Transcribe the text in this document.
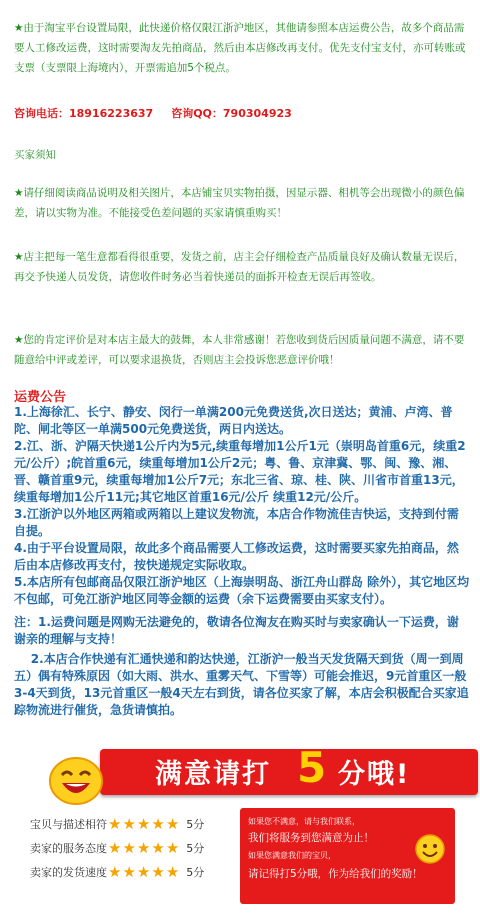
★由于淘宝平台设置局限，此快递价格仅限江浙沪地区，其他请参照本店运费公告，故多个商品需要人工修改运费，这时需要淘友先拍商品，然后由本店修改再支付。优先支付宝支付，亦可转账或支票（支票限上海境内），开票需追加5个税点。
咨询电话：18916223637 咨询QQ：790304923
买家须知
★请仔细阅读商品说明及相关图片，本店铺宝贝实物拍摄，因显示器、相机等会出现微小的颜色偏差，请以实物为准。不能接受色差问题的买家请慎重购买！
★店主把每一笔生意都看得很重要，发货之前，店主会仔细检查产品质量良好及确认数量无误后，再交予快递人员发货，请您收件时务必当着快递员的面拆开检查无误后再签收。
★您的肯定评价是对本店主最大的鼓舞，本人非常感谢！若您收到货后因质量问题不满意，请不要随意给中评或差评，可以要求退换货，否则店主会投诉您恶意评价哦！
运费公告
1.上海徐汇、长宁、静安、闵行一单满200元免费送货,次日送达；黄浦、卢湾、普陀、闸北等区一单满500元免费送货，两日内送达。
2.江、浙、沪隔天快递1公斤内为5元,续重每增加1公斤1元（崇明岛首重6元，续重2元/公斤）;皖首重6元，续重每增加1公斤2元；粤、鲁、京津冀、鄂、闽、豫、湘、晋、赣首重9元，续重每增加1公斤7元；东北三省、琼、桂、陕、川省市首重13元，续重每增加1公斤11元;其它地区首重16元/公斤 续重12元/公斤。
3.江浙沪以外地区两箱或两箱以上建议发物流，本店合作物流佳吉快运，支持到付需自提。
4.由于平台设置局限，故此多个商品需要人工修改运费，这时需要买家先拍商品，然后由本店修改再支付，按快递规定实际收取。
5.本店所有包邮商品仅限江浙沪地区（上海崇明岛、浙江舟山群岛 除外），其它地区均不包邮，可免江浙沪地区同等金额的运费（余下运费需要由买家支付）。
注：1.运费问题是网购无法避免的，敬请各位淘友在购买时与卖家确认一下运费，谢谢亲的理解与支持！
2.本店合作快递有汇通快递和韵达快递，江浙沪一般当天发货隔天到货（周一到周五）偶有特殊原因（如大雨、洪水、重雾天气、下雪等）可能会推迟，9元首重区一般3-4天到货，13元首重区一般4天左右到货，请各位买家了解，本店会积极配合买家追踪物流进行催货，急货请慎拍。
满意请打 5 分哦!
宝贝与描述相符 ★★★★★ 5分
卖家的服务态度 ★★★★★ 5分
卖家的发货速度 ★★★★★ 5分
如果您不满意，请与我们联系，
我们将服务到您满意为止！
如果您满意我们的宝贝，
请记得打5分哦，作为给我们的奖励！
